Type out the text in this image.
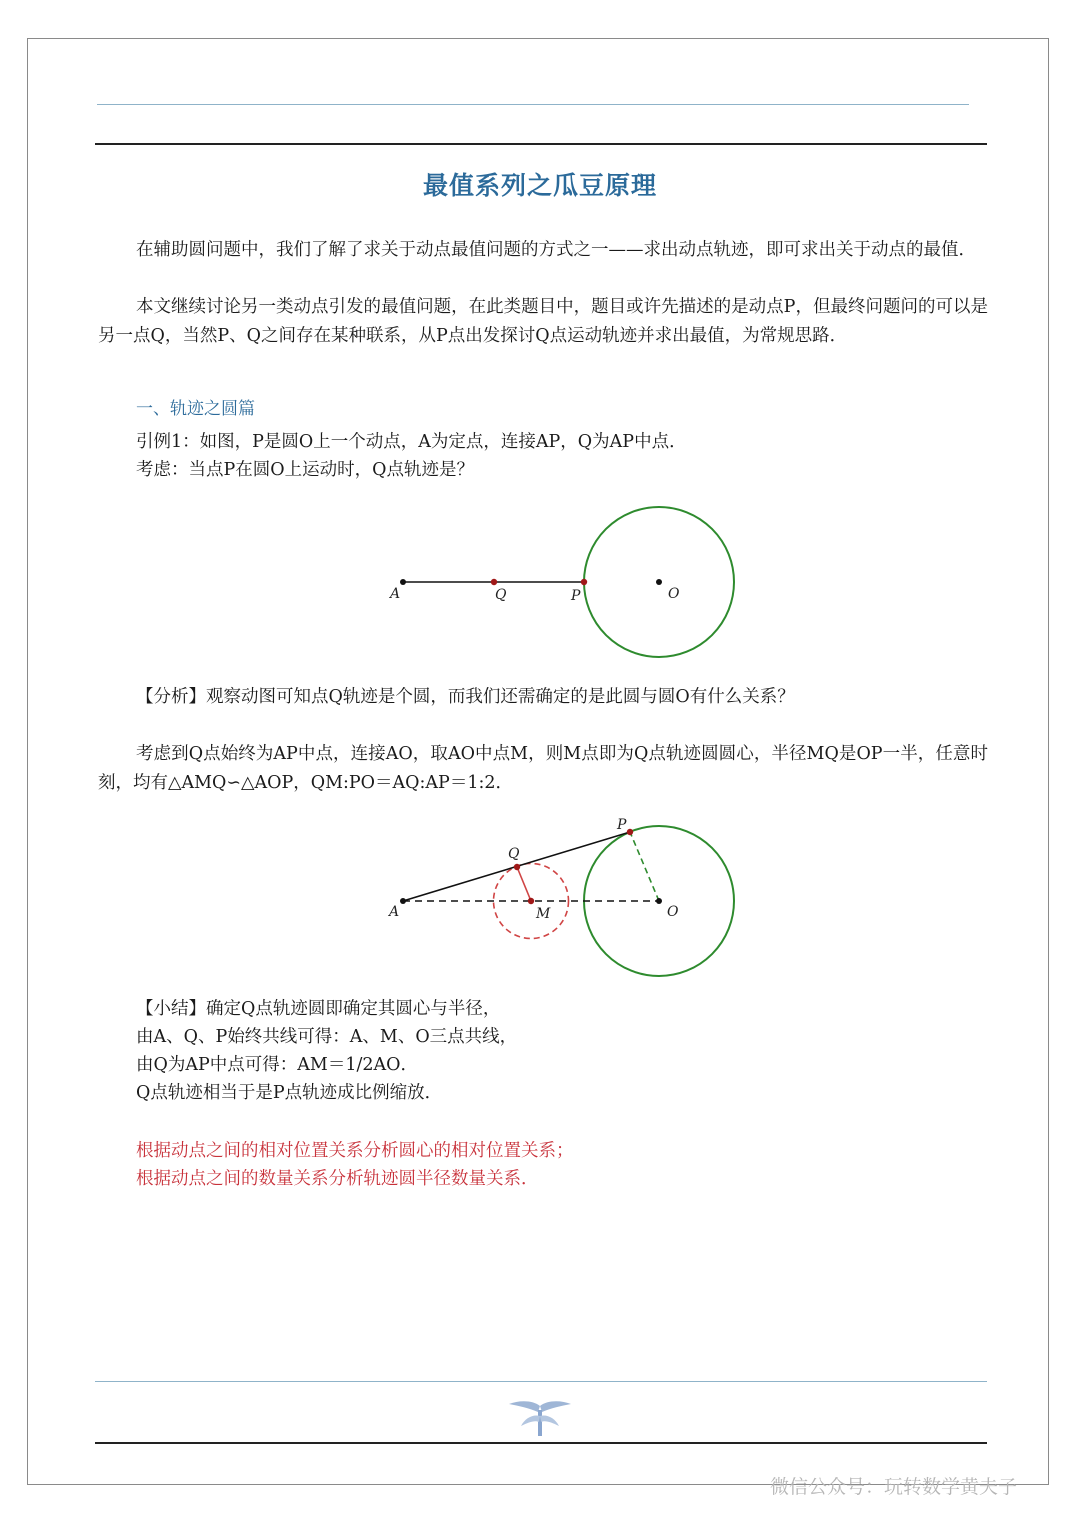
最值系列之瓜豆原理
在辅助圆问题中，我们了解了求关于动点最值问题的方式之一——求出动点轨迹，即可求出关于动点的最值．
本文继续讨论另一类动点引发的最值问题，在此类题目中，题目或许先描述的是动点P，但最终问题问的可以是另一点Q，当然P、Q之间存在某种联系，从P点出发探讨Q点运动轨迹并求出最值，为常规思路．
一、轨迹之圆篇
引例1：如图，P是圆O上一个动点，A为定点，连接AP，Q为AP中点．
考虑：当点P在圆O上运动时，Q点轨迹是？
A	Q	P	O
【分析】观察动图可知点Q轨迹是个圆，而我们还需确定的是此圆与圆O有什么关系？
考虑到Q点始终为AP中点，连接AO，取AO中点M，则M点即为Q点轨迹圆圆心，半径MQ是OP一半，任意时刻，均有△AMQ∽△AOP，QM:PO＝AQ:AP＝1:2．
A
Q
P
M	O
【小结】确定Q点轨迹圆即确定其圆心与半径，
由A、Q、P始终共线可得：A、M、O三点共线，
由Q为AP中点可得：AM＝1/2AO．
Q点轨迹相当于是P点轨迹成比例缩放．
根据动点之间的相对位置关系分析圆心的相对位置关系；
根据动点之间的数量关系分析轨迹圆半径数量关系．
微信公众号：玩转数学黄夫子
